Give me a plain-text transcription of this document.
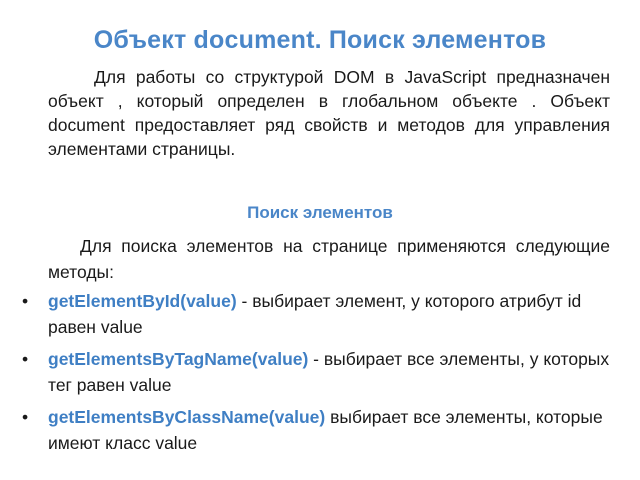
Объект document. Поиск элементов

Для работы со структурой DOM в JavaScript предназначен объект , который определен в глобальном объекте . Объект document предоставляет ряд свойств и методов для управления элементами страницы.

Поиск элементов

Для поиска элементов на странице применяются следующие методы:

• getElementById(value) - выбирает элемент, у которого атрибут id равен value
• getElementsByTagName(value) - выбирает все элементы, у которых тег равен value
• getElementsByClassName(value) выбирает все элементы, которые имеют класс value
